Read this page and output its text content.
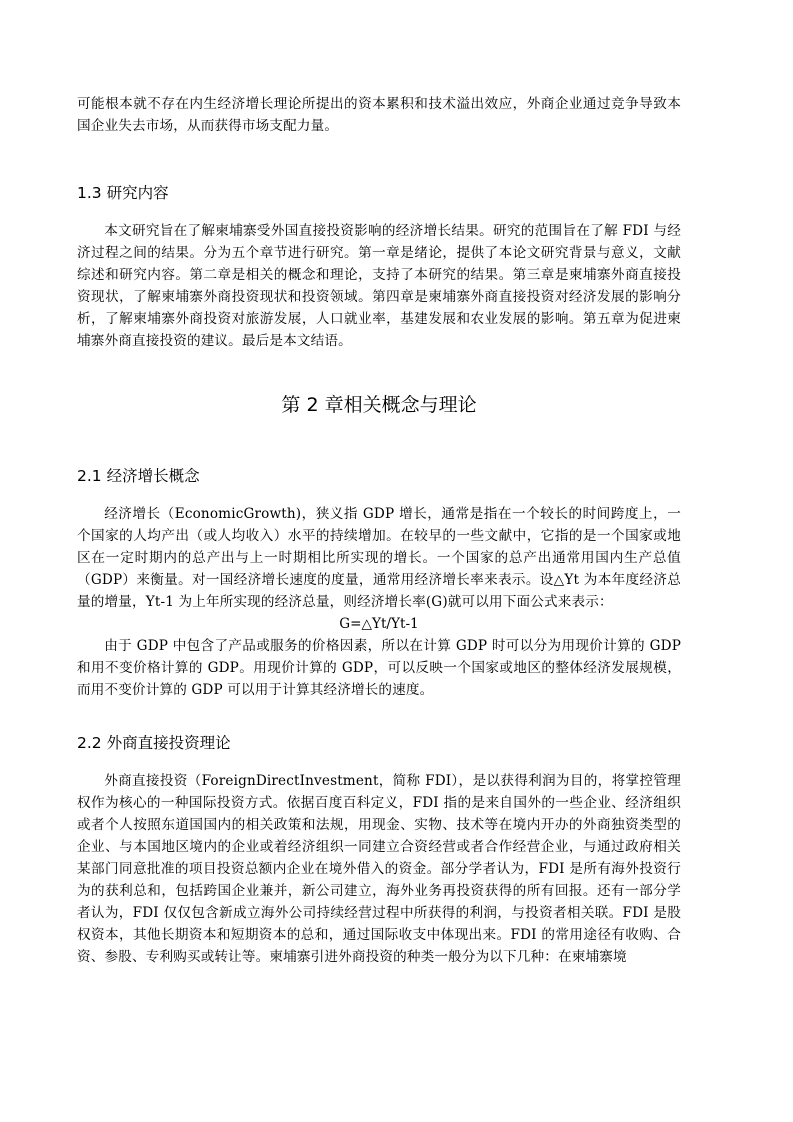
可能根本就不存在内生经济增长理论所提出的资本累积和技术溢出效应，外商企业通过竞争导致本国企业失去市场，从而获得市场支配力量。

1.3 研究内容

本文研究旨在了解柬埔寨受外国直接投资影响的经济增长结果。研究的范围旨在了解 FDI 与经济过程之间的结果。分为五个章节进行研究。第一章是绪论，提供了本论文研究背景与意义，文献综述和研究内容。第二章是相关的概念和理论，支持了本研究的结果。第三章是柬埔寨外商直接投资现状，了解柬埔寨外商投资现状和投资领域。第四章是柬埔寨外商直接投资对经济发展的影响分析，了解柬埔寨外商投资对旅游发展，人口就业率，基建发展和农业发展的影响。第五章为促进柬埔寨外商直接投资的建议。最后是本文结语。

第 2 章相关概念与理论
2.1 经济增长概念

经济增长（EconomicGrowth)，狭义指 GDP 增长，通常是指在一个较长的时间跨度上，一个国家的人均产出（或人均收入）水平的持续增加。在较早的一些文献中，它指的是一个国家或地区在一定时期内的总产出与上一时期相比所实现的增长。一个国家的总产出通常用国内生产总值（GDP）来衡量。对一国经济增长速度的度量，通常用经济增长率来表示。设△Yt 为本年度经济总量的增量，Yt-1 为上年所实现的经济总量，则经济增长率(G)就可以用下面公式来表示：

G=△Yt/Yt-1

由于 GDP 中包含了产品或服务的价格因素，所以在计算 GDP 时可以分为用现价计算的 GDP 和用不变价格计算的 GDP。用现价计算的 GDP，可以反映一个国家或地区的整体经济发展规模，而用不变价计算的 GDP 可以用于计算其经济增长的速度。

2.2 外商直接投资理论

外商直接投资（ForeignDirectInvestment，简称 FDI），是以获得利润为目的，将掌控管理权作为核心的一种国际投资方式。依据百度百科定义，FDI 指的是来自国外的一些企业、经济组织或者个人按照东道国国内的相关政策和法规，用现金、实物、技术等在境内开办的外商独资类型的企业、与本国地区境内的企业或着经济组织一同建立合资经营或者合作经营企业，与通过政府相关某部门同意批准的项目投资总额内企业在境外借入的资金。部分学者认为，FDI 是所有海外投资行为的获利总和，包括跨国企业兼并，新公司建立，海外业务再投资获得的所有回报。还有一部分学者认为，FDI 仅仅包含新成立海外公司持续经营过程中所获得的利润，与投资者相关联。FDI 是股权资本，其他长期资本和短期资本的总和，通过国际收支中体现出来。FDI 的常用途径有收购、合资、参股、专利购买或转让等。柬埔寨引进外商投资的种类一般分为以下几种：在柬埔寨境
